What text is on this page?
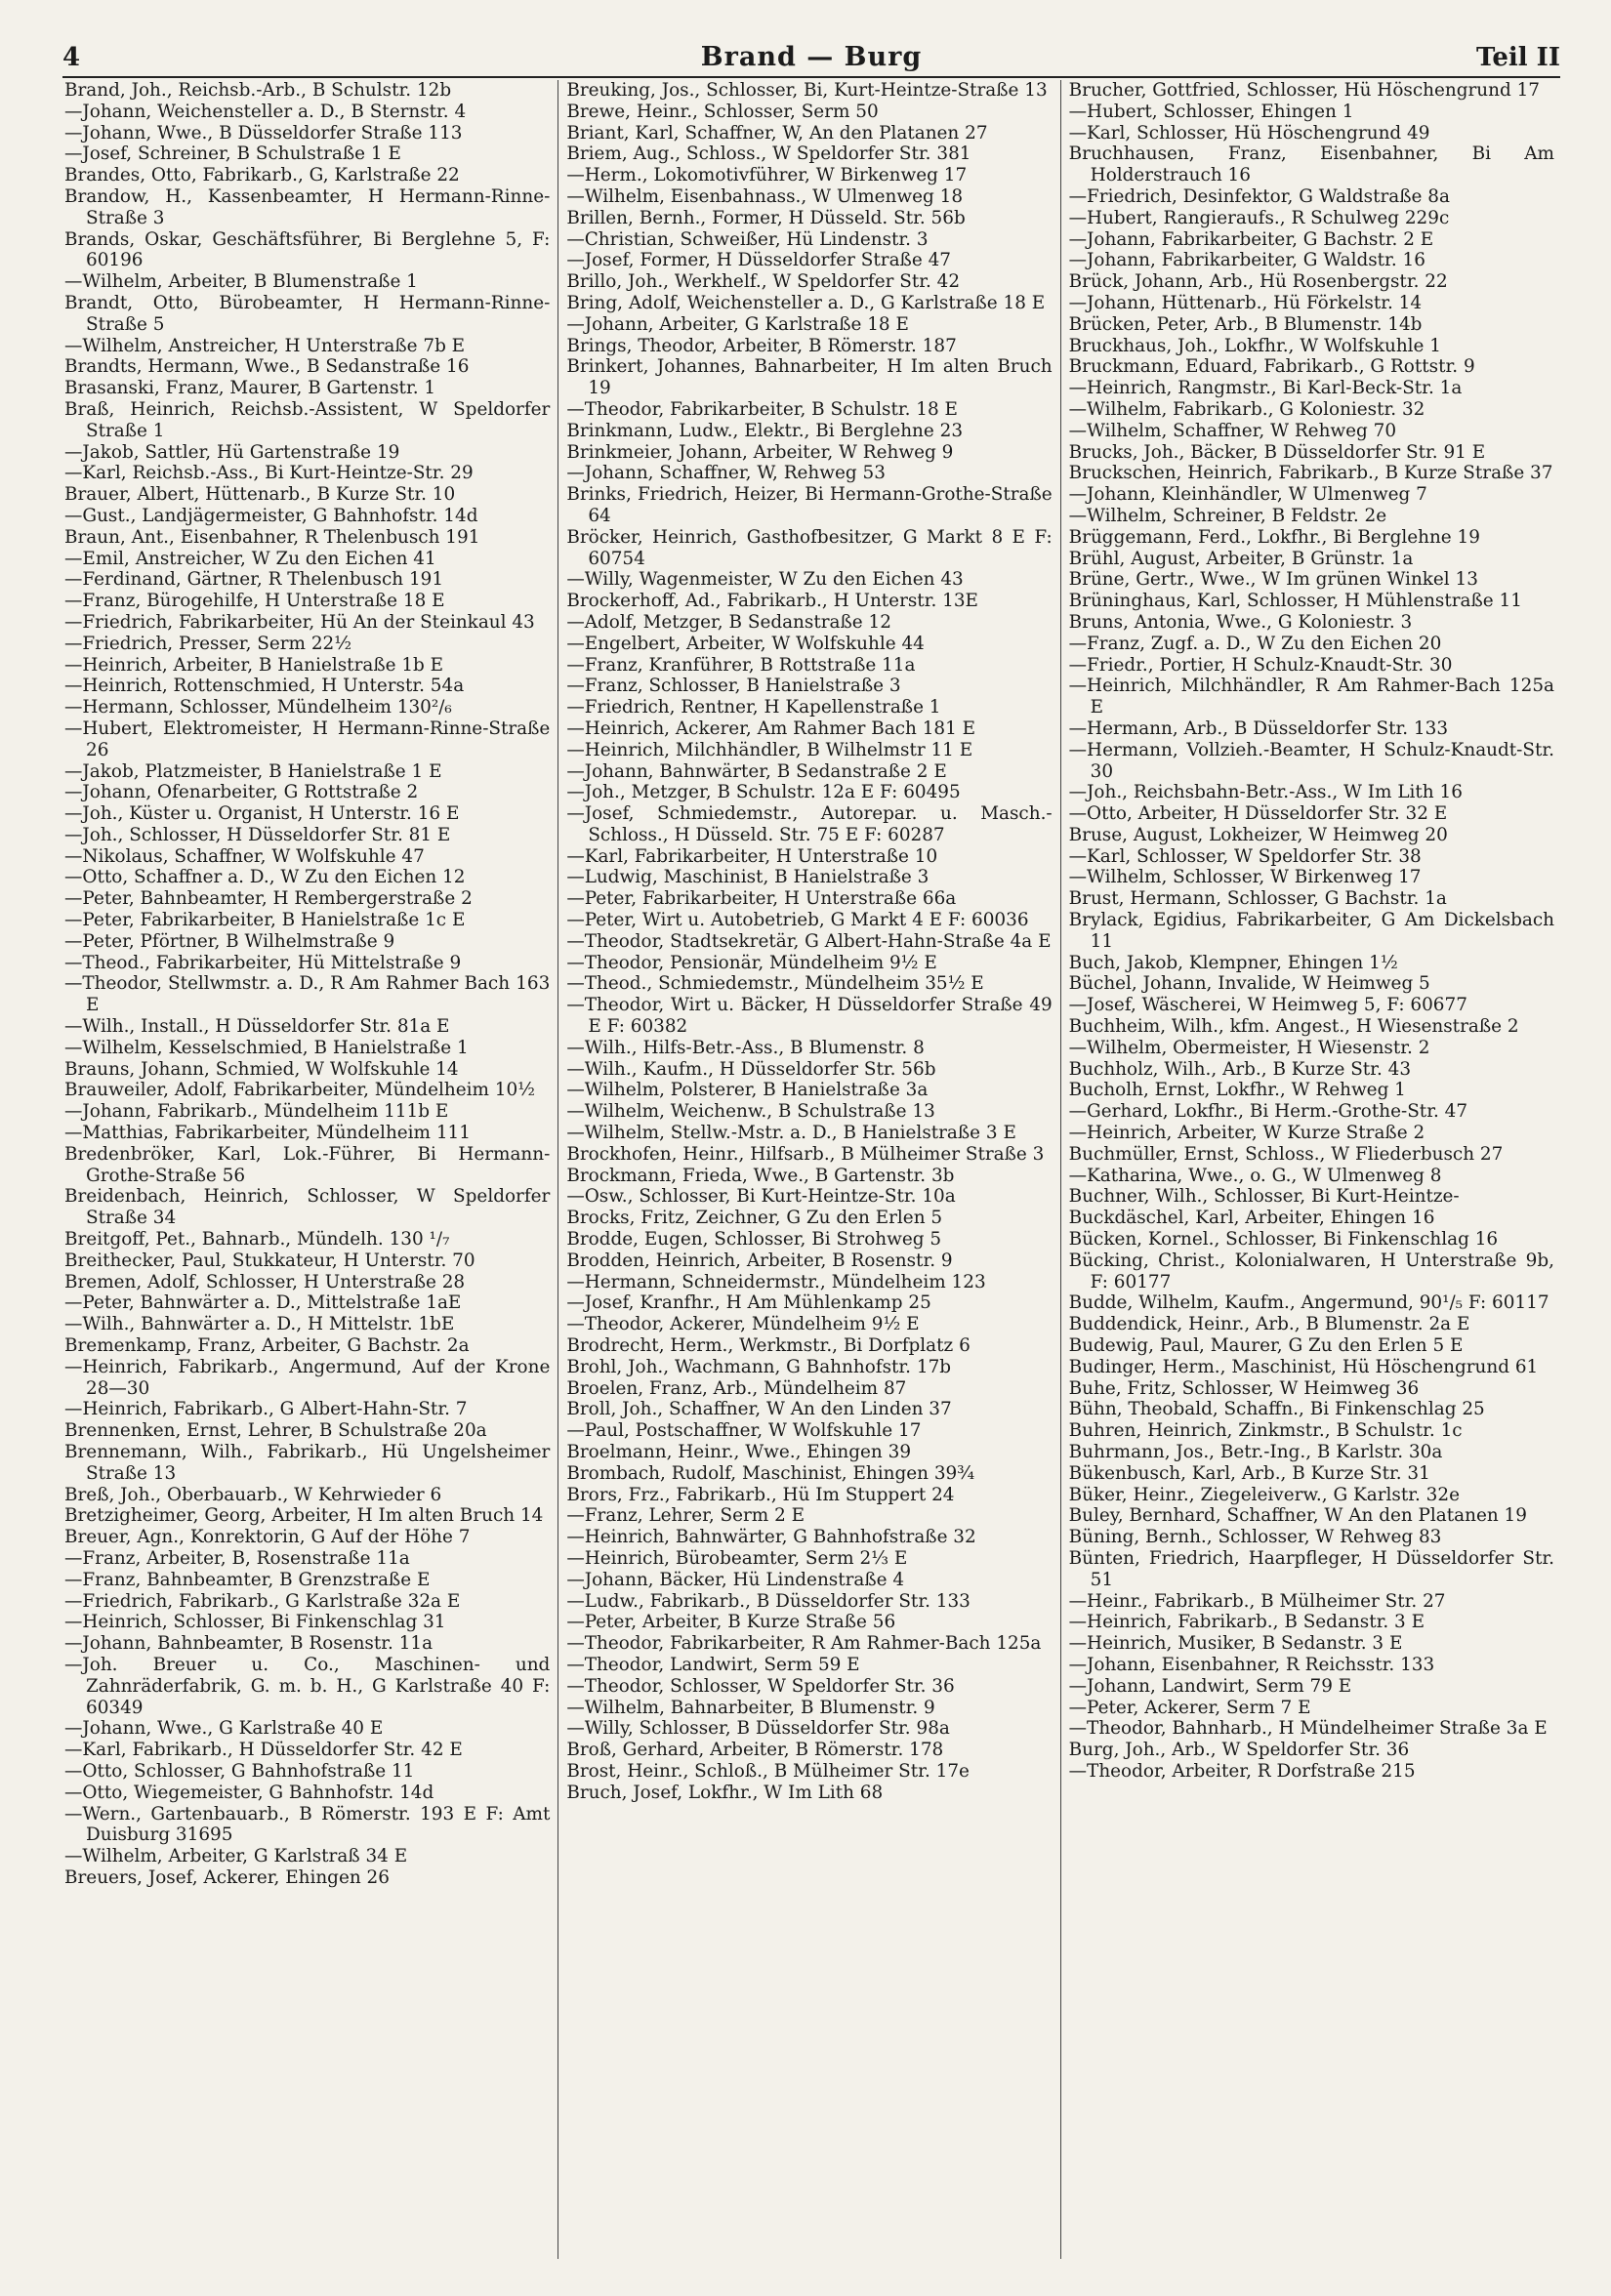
4	Brand — Burg	Teil II

Brand, Joh., Reichsb.-Arb., B Schulstr. 12b

—Johann, Weichensteller a. D., B Sternstr. 4

—Johann, Wwe., B Düsseldorfer Straße 113

—Josef, Schreiner, B Schulstraße 1 E

Brandes, Otto, Fabrikarb., G, Karlstraße 22

Brandow, H., Kassenbeamter, H Hermann-Rinne-Straße 3

Brands, Oskar, Geschäftsführer, Bi Berglehne 5, F: 60196

—Wilhelm, Arbeiter, B Blumenstraße 1

Brandt, Otto, Bürobeamter, H Hermann-Rinne-Straße 5

—Wilhelm, Anstreicher, H Unterstraße 7b E

Brandts, Hermann, Wwe., B Sedanstraße 16

Brasanski, Franz, Maurer, B Gartenstr. 1

Braß, Heinrich, Reichsb.-Assistent, W Speldorfer Straße 1

—Jakob, Sattler, Hü Gartenstraße 19

—Karl, Reichsb.-Ass., Bi Kurt-Heintze-Str. 29

Brauer, Albert, Hüttenarb., B Kurze Str. 10

—Gust., Landjägermeister, G Bahnhofstr. 14d

Braun, Ant., Eisenbahner, R Thelenbusch 191

—Emil, Anstreicher, W Zu den Eichen 41

—Ferdinand, Gärtner, R Thelenbusch 191

—Franz, Bürogehilfe, H Unterstraße 18 E

—Friedrich, Fabrikarbeiter, Hü An der Steinkaul 43

—Friedrich, Presser, Serm 22½

—Heinrich, Arbeiter, B Hanielstraße 1b E

—Heinrich, Rottenschmied, H Unterstr. 54a

—Hermann, Schlosser, Mündelheim 130²/₆

—Hubert, Elektromeister, H Hermann-Rinne-Straße 26

—Jakob, Platzmeister, B Hanielstraße 1 E

—Johann, Ofenarbeiter, G Rottstraße 2

—Joh., Küster u. Organist, H Unterstr. 16 E

—Joh., Schlosser, H Düsseldorfer Str. 81 E

—Nikolaus, Schaffner, W Wolfskuhle 47

—Otto, Schaffner a. D., W Zu den Eichen 12

—Peter, Bahnbeamter, H Rembergerstraße 2

—Peter, Fabrikarbeiter, B Hanielstraße 1c E

—Peter, Pförtner, B Wilhelmstraße 9

—Theod., Fabrikarbeiter, Hü Mittelstraße 9

—Theodor, Stellwmstr. a. D., R Am Rahmer Bach 163 E

—Wilh., Install., H Düsseldorfer Str. 81a E

—Wilhelm, Kesselschmied, B Hanielstraße 1

Brauns, Johann, Schmied, W Wolfskuhle 14

Brauweiler, Adolf, Fabrikarbeiter, Mündelheim 10½

—Johann, Fabrikarb., Mündelheim 111b E

—Matthias, Fabrikarbeiter, Mündelheim 111

Bredenbröker, Karl, Lok.-Führer, Bi Hermann-Grothe-Straße 56

Breidenbach, Heinrich, Schlosser, W Speldorfer Straße 34

Breitgoff, Pet., Bahnarb., Mündelh. 130 ¹/₇

Breithecker, Paul, Stukkateur, H Unterstr. 70

Bremen, Adolf, Schlosser, H Unterstraße 28

—Peter, Bahnwärter a. D., Mittelstraße 1aE

—Wilh., Bahnwärter a. D., H Mittelstr. 1bE

Bremenkamp, Franz, Arbeiter, G Bachstr. 2a

—Heinrich, Fabrikarb., Angermund, Auf der Krone 28—30

—Heinrich, Fabrikarb., G Albert-Hahn-Str. 7

Brennenken, Ernst, Lehrer, B Schulstraße 20a

Brennemann, Wilh., Fabrikarb., Hü Ungelsheimer Straße 13

Breß, Joh., Oberbauarb., W Kehrwieder 6

Bretzigheimer, Georg, Arbeiter, H Im alten Bruch 14

Breuer, Agn., Konrektorin, G Auf der Höhe 7

—Franz, Arbeiter, B, Rosenstraße 11a

—Franz, Bahnbeamter, B Grenzstraße E

—Friedrich, Fabrikarb., G Karlstraße 32a E

—Heinrich, Schlosser, Bi Finkenschlag 31

—Johann, Bahnbeamter, B Rosenstr. 11a

—Joh. Breuer u. Co., Maschinen- und Zahnräderfabrik, G. m. b. H., G Karlstraße 40 F: 60349

—Johann, Wwe., G Karlstraße 40 E

—Karl, Fabrikarb., H Düsseldorfer Str. 42 E

—Otto, Schlosser, G Bahnhofstraße 11

—Otto, Wiegemeister, G Bahnhofstr. 14d

—Wern., Gartenbauarb., B Römerstr. 193 E F: Amt Duisburg 31695

—Wilhelm, Arbeiter, G Karlstraß 34 E

Breuers, Josef, Ackerer, Ehingen 26

Breuking, Jos., Schlosser, Bi, Kurt-Heintze-Straße 13

Brewe, Heinr., Schlosser, Serm 50

Briant, Karl, Schaffner, W, An den Platanen 27

Briem, Aug., Schloss., W Speldorfer Str. 381

—Herm., Lokomotivführer, W Birkenweg 17

—Wilhelm, Eisenbahnass., W Ulmenweg 18

Brillen, Bernh., Former, H Düsseld. Str. 56b

—Christian, Schweißer, Hü Lindenstr. 3

—Josef, Former, H Düsseldorfer Straße 47

Brillo, Joh., Werkhelf., W Speldorfer Str. 42

Bring, Adolf, Weichensteller a. D., G Karlstraße 18 E

—Johann, Arbeiter, G Karlstraße 18 E

Brings, Theodor, Arbeiter, B Römerstr. 187

Brinkert, Johannes, Bahnarbeiter, H Im alten Bruch 19

—Theodor, Fabrikarbeiter, B Schulstr. 18 E

Brinkmann, Ludw., Elektr., Bi Berglehne 23

Brinkmeier, Johann, Arbeiter, W Rehweg 9

—Johann, Schaffner, W, Rehweg 53

Brinks, Friedrich, Heizer, Bi Hermann-Grothe-Straße 64

Bröcker, Heinrich, Gasthofbesitzer, G Markt 8 E F: 60754

—Willy, Wagenmeister, W Zu den Eichen 43

Brockerhoff, Ad., Fabrikarb., H Unterstr. 13E

—Adolf, Metzger, B Sedanstraße 12

—Engelbert, Arbeiter, W Wolfskuhle 44

—Franz, Kranführer, B Rottstraße 11a

—Franz, Schlosser, B Hanielstraße 3

—Friedrich, Rentner, H Kapellenstraße 1

—Heinrich, Ackerer, Am Rahmer Bach 181 E

—Heinrich, Milchhändler, B Wilhelmstr 11 E

—Johann, Bahnwärter, B Sedanstraße 2 E

—Joh., Metzger, B Schulstr. 12a E F: 60495

—Josef, Schmiedemstr., Autorepar. u. Masch.-Schloss., H Düsseld. Str. 75 E F: 60287

—Karl, Fabrikarbeiter, H Unterstraße 10

—Ludwig, Maschinist, B Hanielstraße 3

—Peter, Fabrikarbeiter, H Unterstraße 66a

—Peter, Wirt u. Autobetrieb, G Markt 4 E F: 60036

—Theodor, Stadtsekretär, G Albert-Hahn-Straße 4a E

—Theodor, Pensionär, Mündelheim 9½ E

—Theod., Schmiedemstr., Mündelheim 35½ E

—Theodor, Wirt u. Bäcker, H Düsseldorfer Straße 49 E F: 60382

—Wilh., Hilfs-Betr.-Ass., B Blumenstr. 8

—Wilh., Kaufm., H Düsseldorfer Str. 56b

—Wilhelm, Polsterer, B Hanielstraße 3a

—Wilhelm, Weichenw., B Schulstraße 13

—Wilhelm, Stellw.-Mstr. a. D., B Hanielstraße 3 E

Brockhofen, Heinr., Hilfsarb., B Mülheimer Straße 3

Brockmann, Frieda, Wwe., B Gartenstr. 3b

—Osw., Schlosser, Bi Kurt-Heintze-Str. 10a

Brocks, Fritz, Zeichner, G Zu den Erlen 5

Brodde, Eugen, Schlosser, Bi Strohweg 5

Brodden, Heinrich, Arbeiter, B Rosenstr. 9

—Hermann, Schneidermstr., Mündelheim 123

—Josef, Kranfhr., H Am Mühlenkamp 25

—Theodor, Ackerer, Mündelheim 9½ E

Brodrecht, Herm., Werkmstr., Bi Dorfplatz 6

Brohl, Joh., Wachmann, G Bahnhofstr. 17b

Broelen, Franz, Arb., Mündelheim 87

Broll, Joh., Schaffner, W An den Linden 37

—Paul, Postschaffner, W Wolfskuhle 17

Broelmann, Heinr., Wwe., Ehingen 39

Brombach, Rudolf, Maschinist, Ehingen 39¾

Brors, Frz., Fabrikarb., Hü Im Stuppert 24

—Franz, Lehrer, Serm 2 E

—Heinrich, Bahnwärter, G Bahnhofstraße 32

—Heinrich, Bürobeamter, Serm 2⅓ E

—Johann, Bäcker, Hü Lindenstraße 4

—Ludw., Fabrikarb., B Düsseldorfer Str. 133

—Peter, Arbeiter, B Kurze Straße 56

—Theodor, Fabrikarbeiter, R Am Rahmer-Bach 125a

—Theodor, Landwirt, Serm 59 E

—Theodor, Schlosser, W Speldorfer Str. 36

—Wilhelm, Bahnarbeiter, B Blumenstr. 9

—Willy, Schlosser, B Düsseldorfer Str. 98a

Broß, Gerhard, Arbeiter, B Römerstr. 178

Brost, Heinr., Schloß., B Mülheimer Str. 17e

Bruch, Josef, Lokfhr., W Im Lith 68

Brucher, Gottfried, Schlosser, Hü Höschengrund 17

—Hubert, Schlosser, Ehingen 1

—Karl, Schlosser, Hü Höschengrund 49

Bruchhausen, Franz, Eisenbahner, Bi Am Holderstrauch 16

—Friedrich, Desinfektor, G Waldstraße 8a

—Hubert, Rangieraufs., R Schulweg 229c

—Johann, Fabrikarbeiter, G Bachstr. 2 E

—Johann, Fabrikarbeiter, G Waldstr. 16

Brück, Johann, Arb., Hü Rosenbergstr. 22

—Johann, Hüttenarb., Hü Förkelstr. 14

Brücken, Peter, Arb., B Blumenstr. 14b

Bruckhaus, Joh., Lokfhr., W Wolfskuhle 1

Bruckmann, Eduard, Fabrikarb., G Rottstr. 9

—Heinrich, Rangmstr., Bi Karl-Beck-Str. 1a

—Wilhelm, Fabrikarb., G Koloniestr. 32

—Wilhelm, Schaffner, W Rehweg 70

Brucks, Joh., Bäcker, B Düsseldorfer Str. 91 E

Bruckschen, Heinrich, Fabrikarb., B Kurze Straße 37

—Johann, Kleinhändler, W Ulmenweg 7

—Wilhelm, Schreiner, B Feldstr. 2e

Brüggemann, Ferd., Lokfhr., Bi Berglehne 19

Brühl, August, Arbeiter, B Grünstr. 1a

Brüne, Gertr., Wwe., W Im grünen Winkel 13

Brüninghaus, Karl, Schlosser, H Mühlenstraße 11

Bruns, Antonia, Wwe., G Koloniestr. 3

—Franz, Zugf. a. D., W Zu den Eichen 20

—Friedr., Portier, H Schulz-Knaudt-Str. 30

—Heinrich, Milchhändler, R Am Rahmer-Bach 125a E

—Hermann, Arb., B Düsseldorfer Str. 133

—Hermann, Vollzieh.-Beamter, H Schulz-Knaudt-Str. 30

—Joh., Reichsbahn-Betr.-Ass., W Im Lith 16

—Otto, Arbeiter, H Düsseldorfer Str. 32 E

Bruse, August, Lokheizer, W Heimweg 20

—Karl, Schlosser, W Speldorfer Str. 38

—Wilhelm, Schlosser, W Birkenweg 17

Brust, Hermann, Schlosser, G Bachstr. 1a

Brylack, Egidius, Fabrikarbeiter, G Am Dickelsbach 11

Buch, Jakob, Klempner, Ehingen 1½

Büchel, Johann, Invalide, W Heimweg 5

—Josef, Wäscherei, W Heimweg 5, F: 60677

Buchheim, Wilh., kfm. Angest., H Wiesenstraße 2

—Wilhelm, Obermeister, H Wiesenstr. 2

Buchholz, Wilh., Arb., B Kurze Str. 43

Bucholh, Ernst, Lokfhr., W Rehweg 1

—Gerhard, Lokfhr., Bi Herm.-Grothe-Str. 47

—Heinrich, Arbeiter, W Kurze Straße 2

Buchmüller, Ernst, Schloss., W Fliederbusch 27

—Katharina, Wwe., o. G., W Ulmenweg 8

Buchner, Wilh., Schlosser, Bi Kurt-Heintze-

Buckdäschel, Karl, Arbeiter, Ehingen 16

Bücken, Kornel., Schlosser, Bi Finkenschlag 16

Bücking, Christ., Kolonialwaren, H Unterstraße 9b, F: 60177

Budde, Wilhelm, Kaufm., Angermund, 90¹/₅ F: 60117

Buddendick, Heinr., Arb., B Blumenstr. 2a E

Budewig, Paul, Maurer, G Zu den Erlen 5 E

Budinger, Herm., Maschinist, Hü Höschengrund 61

Buhe, Fritz, Schlosser, W Heimweg 36

Bühn, Theobald, Schaffn., Bi Finkenschlag 25

Buhren, Heinrich, Zinkmstr., B Schulstr. 1c

Buhrmann, Jos., Betr.-Ing., B Karlstr. 30a

Bükenbusch, Karl, Arb., B Kurze Str. 31

Büker, Heinr., Ziegeleiverw., G Karlstr. 32e

Buley, Bernhard, Schaffner, W An den Platanen 19

Büning, Bernh., Schlosser, W Rehweg 83

Bünten, Friedrich, Haarpfleger, H Düsseldorfer Str. 51

—Heinr., Fabrikarb., B Mülheimer Str. 27

—Heinrich, Fabrikarb., B Sedanstr. 3 E

—Heinrich, Musiker, B Sedanstr. 3 E

—Johann, Eisenbahner, R Reichsstr. 133

—Johann, Landwirt, Serm 79 E

—Peter, Ackerer, Serm 7 E

—Theodor, Bahnharb., H Mündelheimer Straße 3a E

Burg, Joh., Arb., W Speldorfer Str. 36

—Theodor, Arbeiter, R Dorfstraße 215
